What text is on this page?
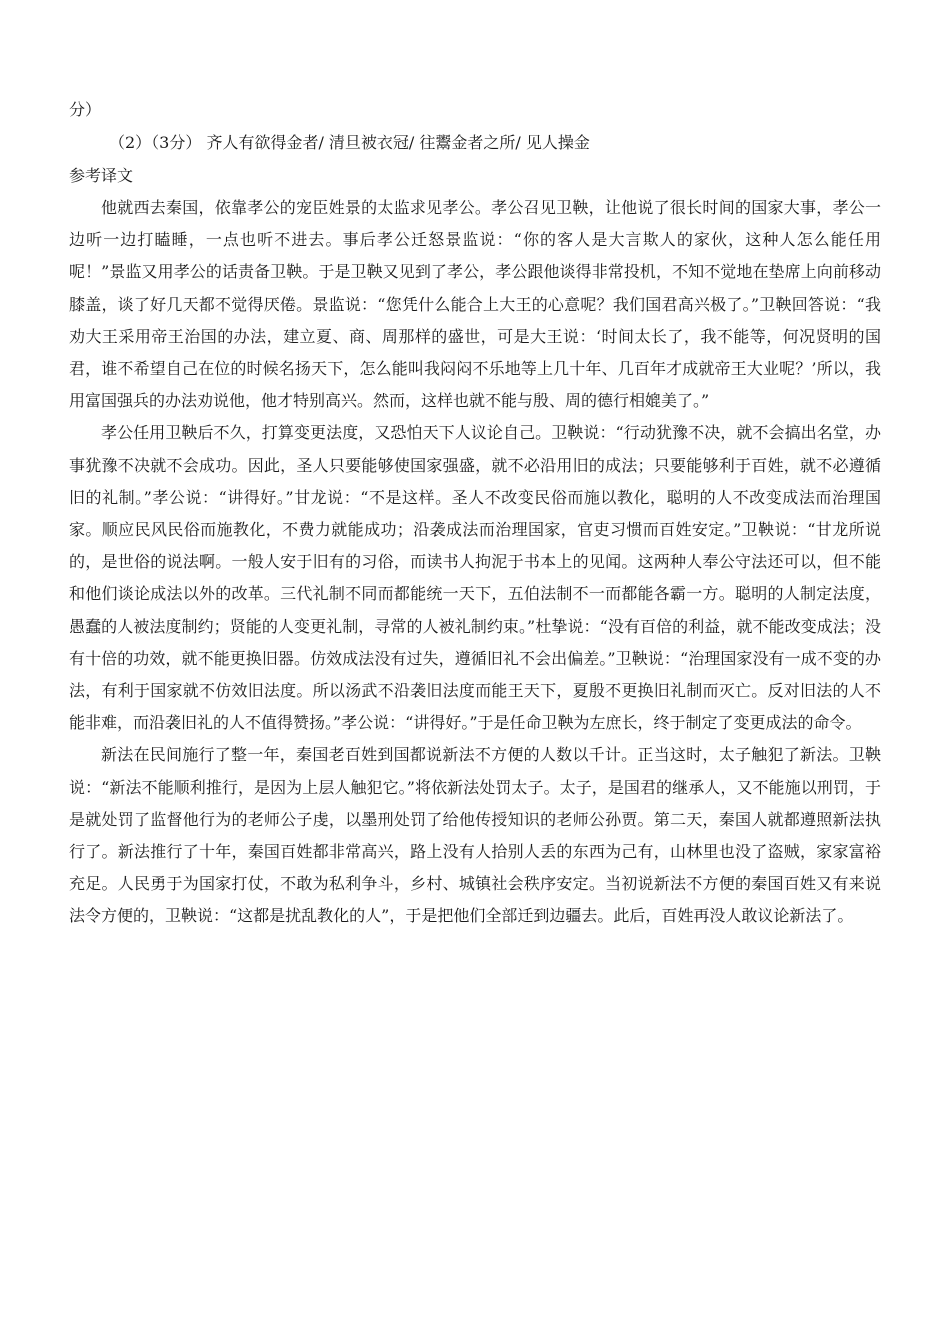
分）
（2）（3分） 齐人有欲得金者/ 清旦被衣冠/ 往鬻金者之所/ 见人操金
参考译文

他就西去秦国，依靠孝公的宠臣姓景的太监求见孝公。孝公召见卫鞅，让他说了很长时间的国家大事，孝公一边听一边打瞌睡，一点也听不进去。事后孝公迁怒景监说：“你的客人是大言欺人的家伙，这种人怎么能任用呢！”景监又用孝公的话责备卫鞅。于是卫鞅又见到了孝公，孝公跟他谈得非常投机，不知不觉地在垫席上向前移动膝盖，谈了好几天都不觉得厌倦。景监说：“您凭什么能合上大王的心意呢？我们国君高兴极了。”卫鞅回答说：“我劝大王采用帝王治国的办法，建立夏、商、周那样的盛世，可是大王说：‘时间太长了，我不能等，何况贤明的国君，谁不希望自己在位的时候名扬天下，怎么能叫我闷闷不乐地等上几十年、几百年才成就帝王大业呢？’所以，我用富国强兵的办法劝说他，他才特别高兴。然而，这样也就不能与殷、周的德行相媲美了。”

孝公任用卫鞅后不久，打算变更法度，又恐怕天下人议论自己。卫鞅说：“行动犹豫不决，就不会搞出名堂，办事犹豫不决就不会成功。因此，圣人只要能够使国家强盛，就不必沿用旧的成法；只要能够利于百姓，就不必遵循旧的礼制。”孝公说：“讲得好。”甘龙说：“不是这样。圣人不改变民俗而施以教化，聪明的人不改变成法而治理国家。顺应民风民俗而施教化，不费力就能成功；沿袭成法而治理国家，官吏习惯而百姓安定。”卫鞅说：“甘龙所说的，是世俗的说法啊。一般人安于旧有的习俗，而读书人拘泥于书本上的见闻。这两种人奉公守法还可以，但不能和他们谈论成法以外的改革。三代礼制不同而都能统一天下，五伯法制不一而都能各霸一方。聪明的人制定法度，愚蠢的人被法度制约；贤能的人变更礼制，寻常的人被礼制约束。”杜挚说：“没有百倍的利益，就不能改变成法；没有十倍的功效，就不能更换旧器。仿效成法没有过失，遵循旧礼不会出偏差。”卫鞅说：“治理国家没有一成不变的办法，有利于国家就不仿效旧法度。所以汤武不沿袭旧法度而能王天下，夏殷不更换旧礼制而灭亡。反对旧法的人不能非难，而沿袭旧礼的人不值得赞扬。”孝公说：“讲得好。”于是任命卫鞅为左庶长，终于制定了变更成法的命令。

新法在民间施行了整一年，秦国老百姓到国都说新法不方便的人数以千计。正当这时，太子触犯了新法。卫鞅说：“新法不能顺利推行，是因为上层人触犯它。”将依新法处罚太子。太子，是国君的继承人，又不能施以刑罚，于是就处罚了监督他行为的老师公子虔，以墨刑处罚了给他传授知识的老师公孙贾。第二天，秦国人就都遵照新法执行了。新法推行了十年，秦国百姓都非常高兴，路上没有人拾别人丢的东西为己有，山林里也没了盗贼，家家富裕充足。人民勇于为国家打仗，不敢为私利争斗，乡村、城镇社会秩序安定。当初说新法不方便的秦国百姓又有来说法令方便的，卫鞅说：“这都是扰乱教化的人”，于是把他们全部迁到边疆去。此后，百姓再没人敢议论新法了。
